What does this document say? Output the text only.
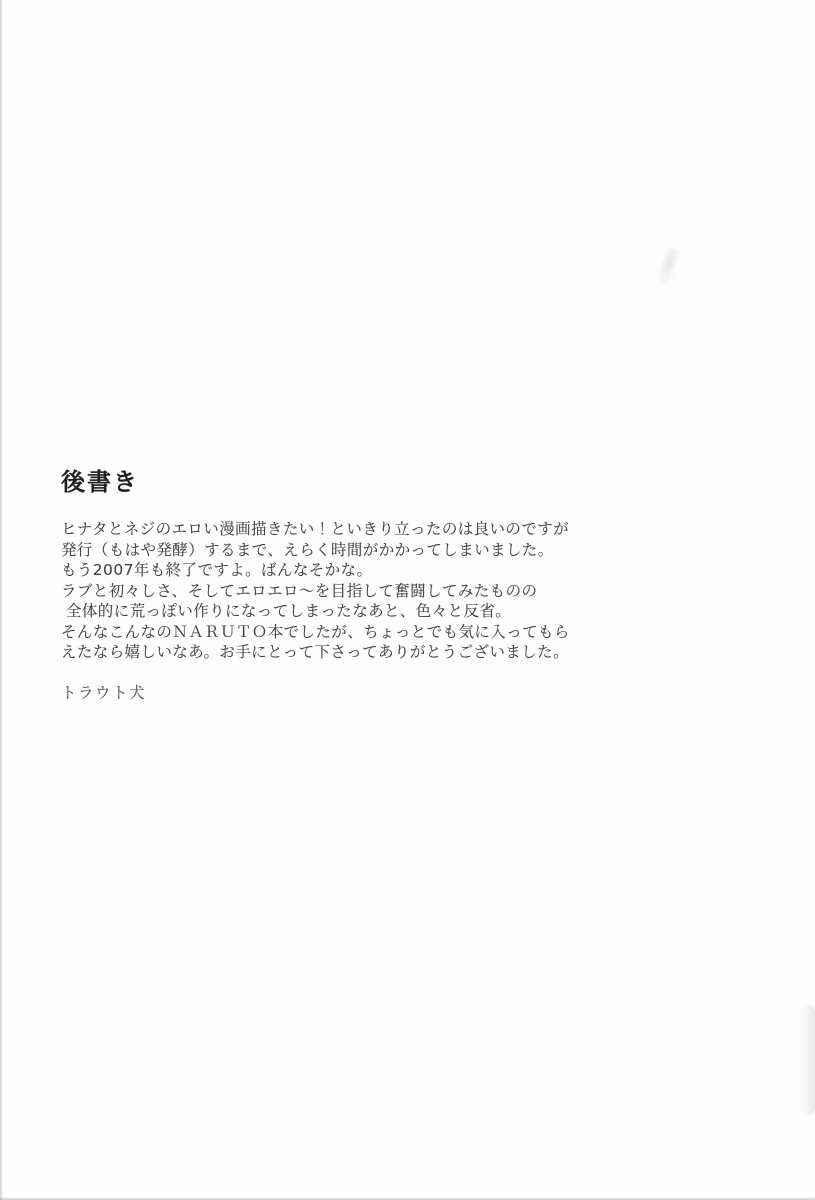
後書き
ヒナタとネジのエロい漫画描きたい！といきり立ったのは良いのですが
発行（もはや発酵）するまで、えらく時間がかかってしまいました。
もう2007年も終了ですよ。ばんなそかな。
ラブと初々しさ、そしてエロエロ～を目指して奮闘してみたものの
全体的に荒っぽい作りになってしまったなあと、色々と反省。
そんなこんなのＮＡＲＵＴＯ本でしたが、ちょっとでも気に入ってもら
えたなら嬉しいなあ。お手にとって下さってありがとうございました。
トラウト犬
